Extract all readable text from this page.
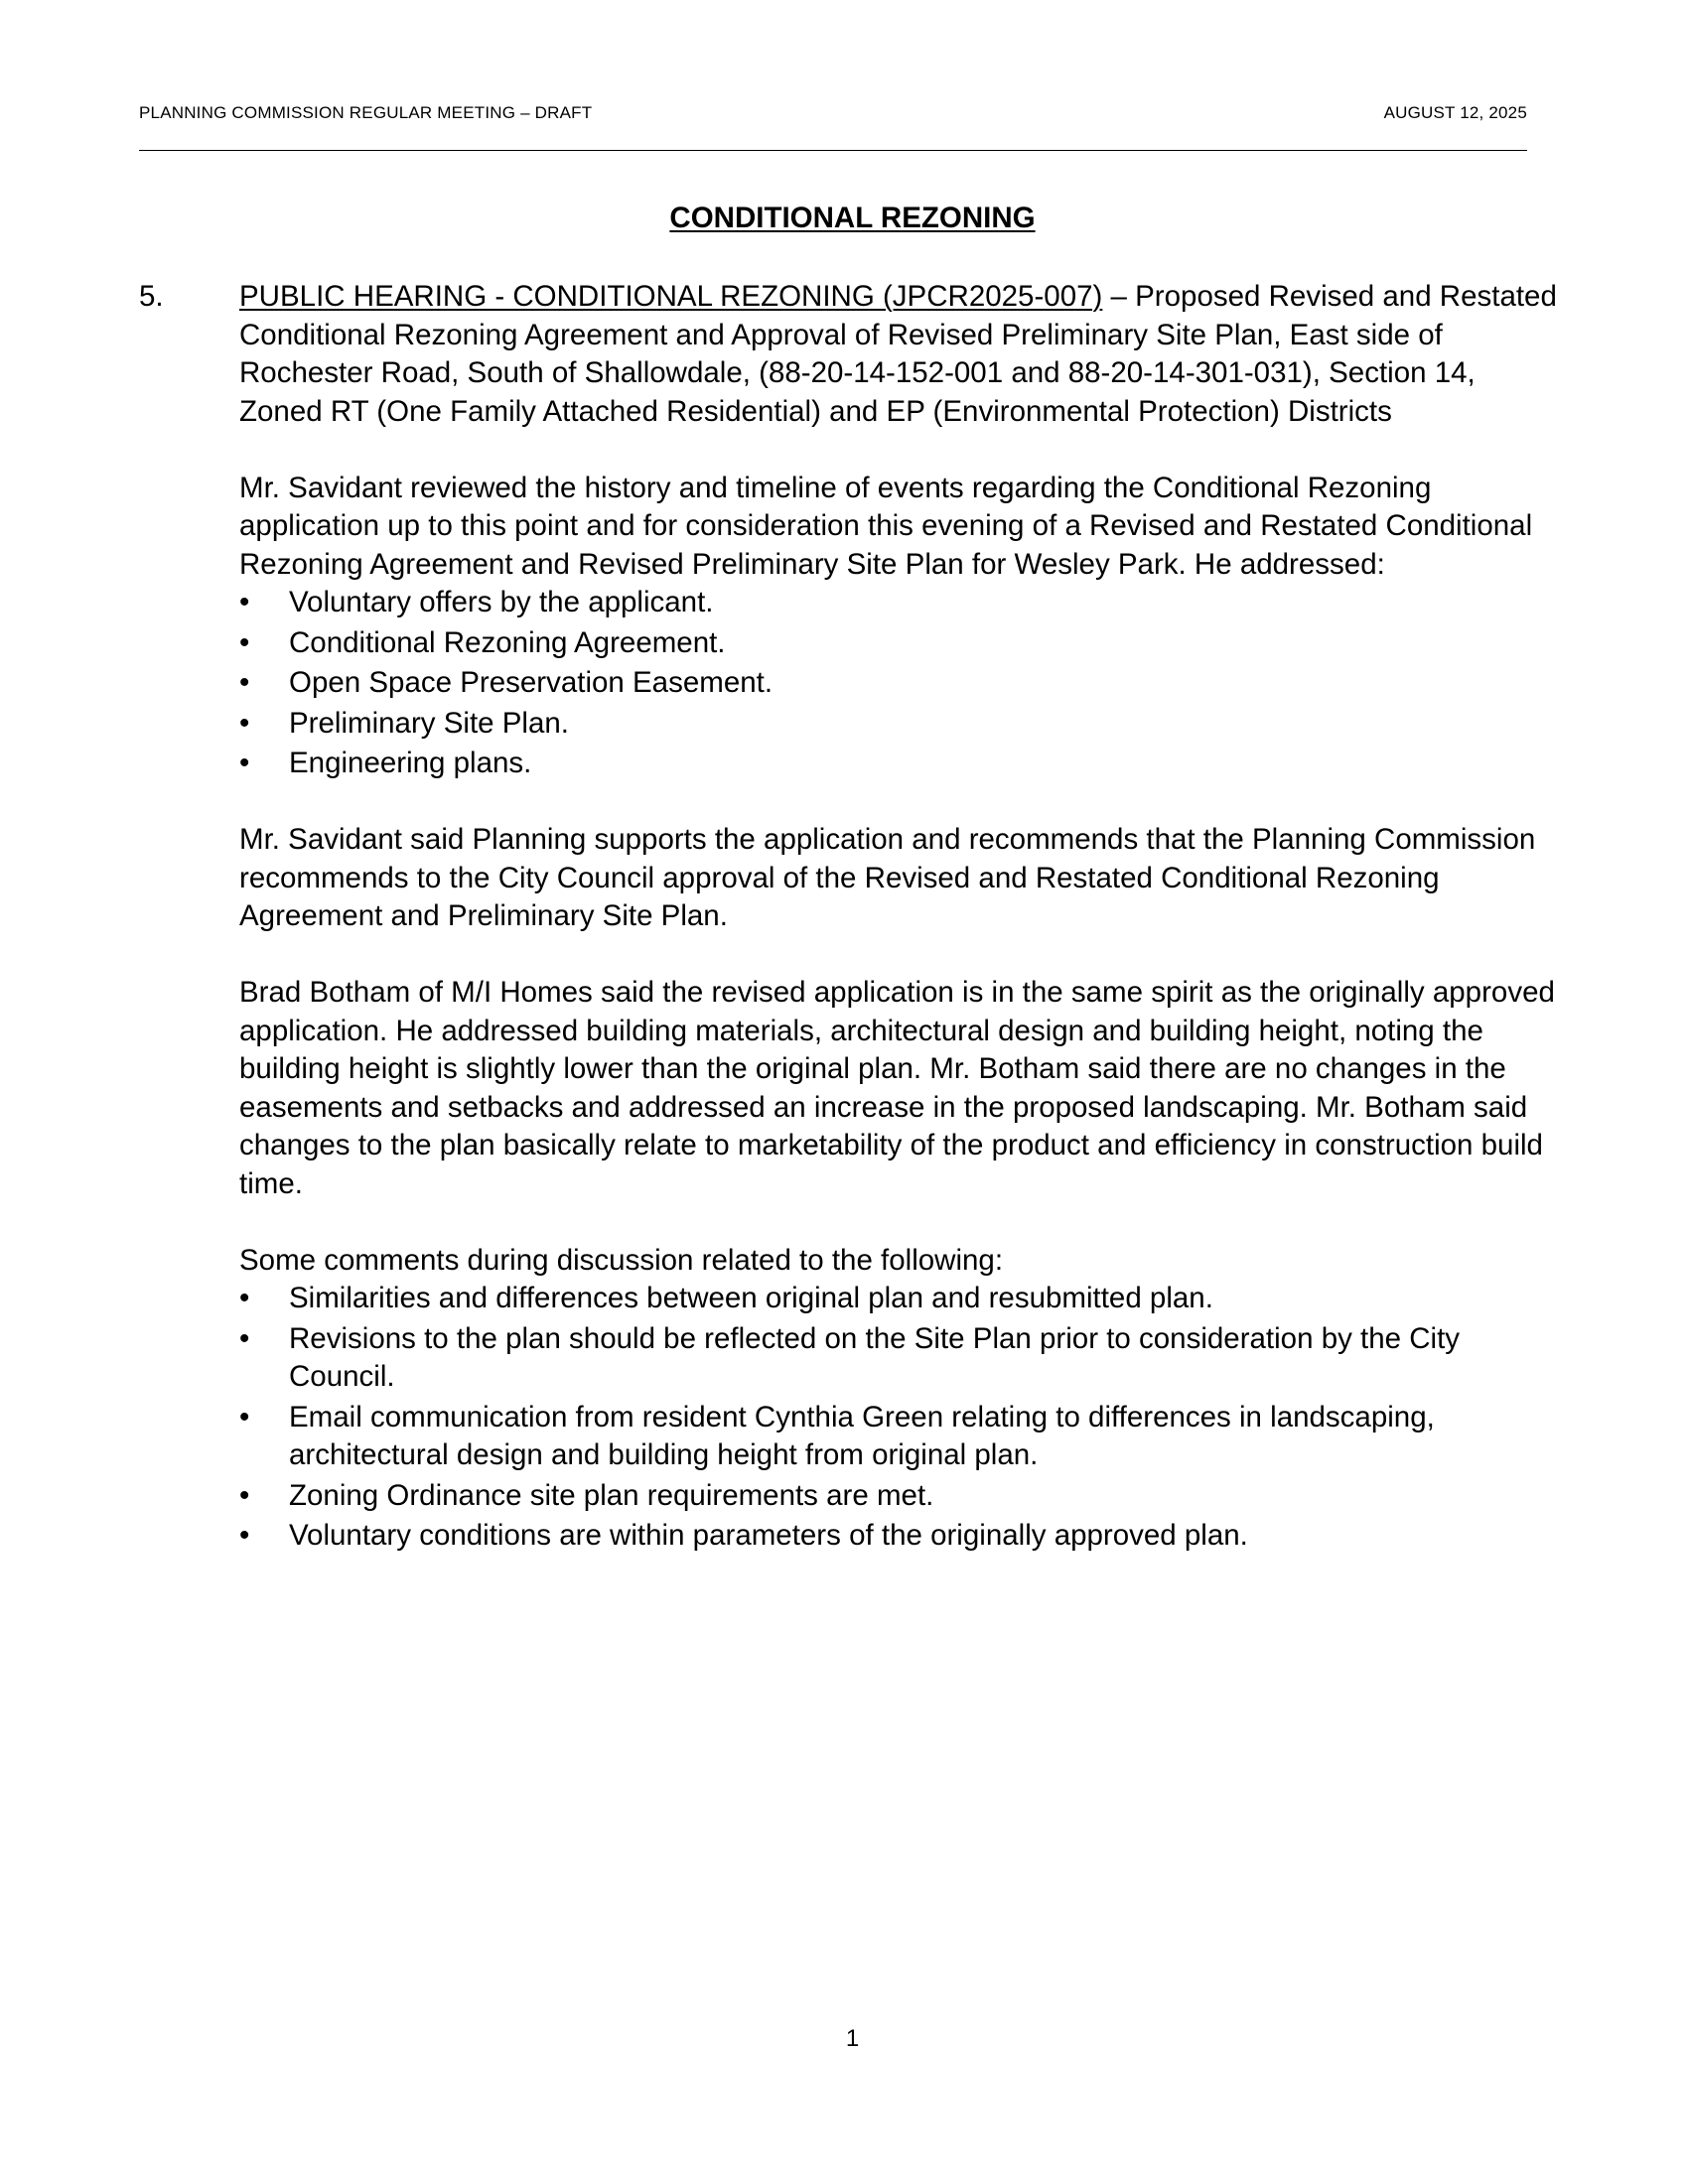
PLANNING COMMISSION REGULAR MEETING – DRAFT	AUGUST 12, 2025
CONDITIONAL REZONING
5.	PUBLIC HEARING - CONDITIONAL REZONING (JPCR2025-007) – Proposed Revised and Restated Conditional Rezoning Agreement and Approval of Revised Preliminary Site Plan, East side of Rochester Road, South of Shallowdale, (88-20-14-152-001 and 88-20-14-301-031), Section 14, Zoned RT (One Family Attached Residential) and EP (Environmental Protection) Districts

Mr. Savidant reviewed the history and timeline of events regarding the Conditional Rezoning application up to this point and for consideration this evening of a Revised and Restated Conditional Rezoning Agreement and Revised Preliminary Site Plan for Wesley Park. He addressed:

• Voluntary offers by the applicant.
• Conditional Rezoning Agreement.
• Open Space Preservation Easement.
• Preliminary Site Plan.
• Engineering plans.

Mr. Savidant said Planning supports the application and recommends that the Planning Commission recommends to the City Council approval of the Revised and Restated Conditional Rezoning Agreement and Preliminary Site Plan.

Brad Botham of M/I Homes said the revised application is in the same spirit as the originally approved application. He addressed building materials, architectural design and building height, noting the building height is slightly lower than the original plan. Mr. Botham said there are no changes in the easements and setbacks and addressed an increase in the proposed landscaping. Mr. Botham said changes to the plan basically relate to marketability of the product and efficiency in construction build time.

Some comments during discussion related to the following:

• Similarities and differences between original plan and resubmitted plan.
• Revisions to the plan should be reflected on the Site Plan prior to consideration by the City Council.
• Email communication from resident Cynthia Green relating to differences in landscaping, architectural design and building height from original plan.
• Zoning Ordinance site plan requirements are met.
• Voluntary conditions are within parameters of the originally approved plan.
1
